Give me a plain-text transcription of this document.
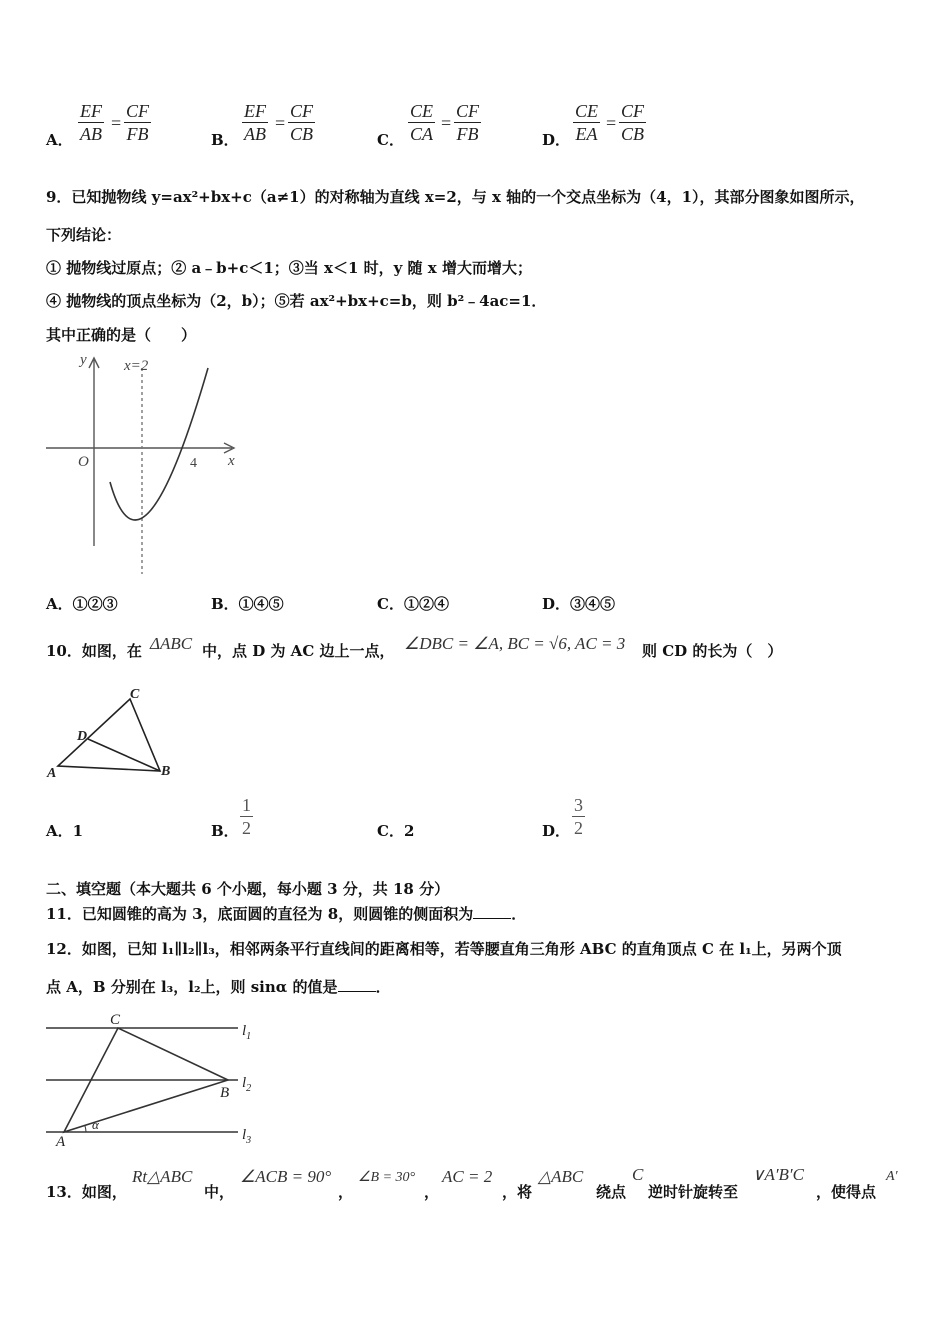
A． $\frac{EF}{AB} = \frac{CF}{FB}$	B． $\frac{EF}{AB} = \frac{CF}{CB}$	C． $\frac{CE}{CA} = \frac{CF}{FB}$	D． $\frac{CE}{EA} = \frac{CF}{CB}$
9．已知抛物线 y=ax²+bx+c（a≠1）的对称轴为直线 x=2，与 x 轴的一个交点坐标为（4，1），其部分图象如图所示，
下列结论：
① 抛物线过原点；② a﹣b+c＜1；③当 x＜1 时，y 随 x 增大而增大；
④ 抛物线的顶点坐标为（2，b）；⑤若 ax²+bx+c=b，则 b²﹣4ac=1．
其中正确的是（　　）
y x=2
O	4 x
A．①②③	B．①④⑤	C．①②④	D．③④⑤
10．如图，在 ΔABC 中，点 D 为 AC 边上一点， ∠DBC = ∠A, BC = √6, AC = 3 则 CD 的长为（　）
A
C
D
B
A．1	B． $\frac{1}{2}$	C．2	D． $\frac{3}{2}$
二、填空题（本大题共 6 个小题，每小题 3 分，共 18 分）
11．已知圆锥的高为 3，底面圆的直径为 8，则圆锥的侧面积为	．
12．如图，已知 l₁∥l₂∥l₃，相邻两条平行直线间的距离相等，若等腰直角三角形 ABC 的直角顶点 C 在 l₁上，另两个顶
点 A，B 分别在 l₃，l₂上，则 sinα 的值是	．
C
B
A
α
$l_1$
$l_2$
$l_3$
13．如图，
Rt△ABC
中，
∠ACB = 90°
，
∠B = 30°
，
AC = 2
，将
△ABC
绕点
C
逆时针旋转至
∨A′B′C
，使得点
A′
